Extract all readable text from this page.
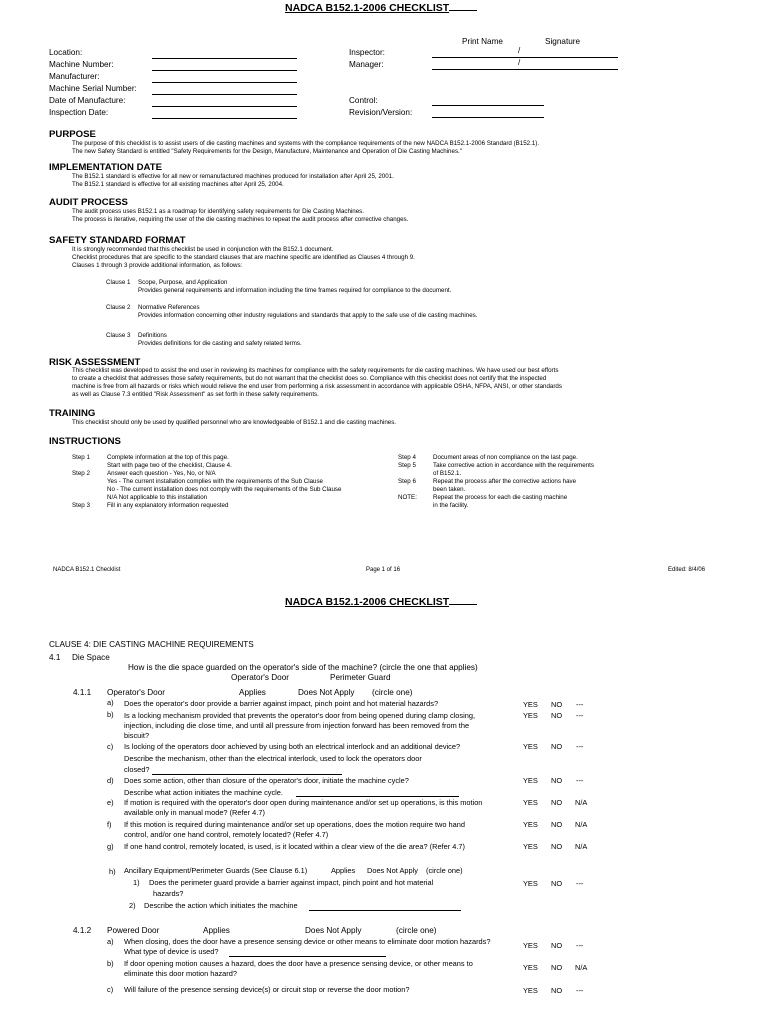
NADCA B152.1-2006 CHECKLIST
Print Name	Signature
Location:
Machine Number:
Manufacturer:
Machine Serial Number:
Date of Manufacture:
Inspection Date:
Inspector:
Manager:
/
/
Control:
Revision/Version:
PURPOSE
The purpose of this checklist is to assist users of die casting machines and systems with the compliance requirements of the new NADCA B152.1-2006 Standard (B152.1).
The new Safety Standard is entitled "Safety Requirements for the Design, Manufacture, Maintenance and Operation of Die Casting Machines."
IMPLEMENTATION DATE
The B152.1 standard is effective for all new or remanufactured machines produced for installation after April 25, 2001.
The B152.1 standard is effective for all existing machines after April 25, 2004.
AUDIT PROCESS
The audit process uses B152.1 as a roadmap for identifying safety requirements for Die Casting Machines.
The process is iterative, requiring the user of the die casting machines to repeat the audit process after corrective changes.
SAFETY STANDARD FORMAT
It is strongly recommended that this checklist be used in conjunction with the B152.1 document.
Checklist procedures that are specific to the standard clauses that are machine specific are identified as Clauses 4 through 9.
Clauses 1 through 3 provide additional information, as follows:
Clause 1 Scope, Purpose, and Application
Provides general requirements and information including the time frames required for compliance to the document.
Clause 2 Normative References
Provides information concerning other industry regulations and standards that apply to the safe use of die casting machines.
Clause 3 Definitions
Provides definitions for die casting and safety related terms.
RISK ASSESSMENT
This checklist was developed to assist the end user in reviewing its machines for compliance with the safety requirements for die casting machines. We have used our best efforts
to create a checklist that addresses those safety requirements, but do not warrant that the checklist does so. Compliance with this checklist does not certify that the inspected
machine is free from all hazards or risks which would relieve the end user from performing a risk assessment in accordance with applicable OSHA, NFPA, ANSI, or other standards
as well as Clause 7.3 entitled "Risk Assessment" as set forth in these safety requirements.
TRAINING
This checklist should only be used by qualified personnel who are knowledgeable of B152.1 and die casting machines.
INSTRUCTIONS
Step 1	Complete information at the top of this page.
Start with page two of the checklist, Clause 4.
Step 2	Answer each question - Yes, No, or N/A
Yes - The current installation complies with the requirements of the Sub Clause
No - The current installation does not comply with the requirements of the Sub Clause
N/A Not applicable to this installation
Step 3	Fill in any explanatory information requested
Step 4	Document areas of non compliance on the last page.
Step 5	Take corrective action in accordance with the requirements
of B152.1.
Step 6	Repeat the process after the corrective actions have
been taken.
NOTE:	Repeat the process for each die casting machine
in the facility.
NADCA B152.1 Checklist	Page 1 of 16	Edited: 8/4/06
NADCA B152.1-2006 CHECKLIST
CLAUSE 4: DIE CASTING MACHINE REQUIREMENTS
4.1 Die Space
How is the die space guarded on the operator's side of the machine? (circle the one that applies)
Operator's Door	Perimeter Guard
4.1.1 Operator's Door	Applies	Does Not Apply (circle one)
a) Does the operator's door provide a barrier against impact, pinch point and hot material hazards?	YES NO ---
b) Is a locking mechanism provided that prevents the operator's door from being opened during clamp closing,
injection, including die close time, and until all pressure from injection forward has been removed from the
biscuit?
YES NO ---
c) Is locking of the operators door achieved by using both an electrical interlock and an additional device?	YES NO ---
Describe the mechanism, other than the electrical interlock, used to lock the operators door
closed?
d) Does some action, other than closure of the operator's door, initiate the machine cycle?	YES NO ---
Describe what action initiates the machine cycle.
e) If motion is required with the operator's door open during maintenance and/or set up operations, is this motion
available only in manual mode? (Refer 4.7)
YES NO N/A
f) If this motion is required during maintenance and/or set up operations, does the motion require two hand
control, and/or one hand control, remotely located? (Refer 4.7)
YES NO N/A
g) If one hand control, remotely located, is used, is it located within a clear view of the die area? (Refer 4.7)	YES NO N/A
h) Ancillary Equipment/Perimeter Guards (See Clause 6.1)	Applies Does Not Apply (circle one)
1) Does the perimeter guard provide a barrier against impact, pinch point and hot material
hazards?
YES NO ---
2) Describe the action which initiates the machine
4.1.2 Powered Door	Applies	Does Not Apply	(circle one)
a) When closing, does the door have a presence sensing device or other means to eliminate door motion hazards?
What type of device is used?
YES NO ---
b) If door opening motion causes a hazard, does the door have a presence sensing device, or other means to
eliminate this door motion hazard?
YES NO N/A
c) Will failure of the presence sensing device(s) or circuit stop or reverse the door motion?	YES NO ---
